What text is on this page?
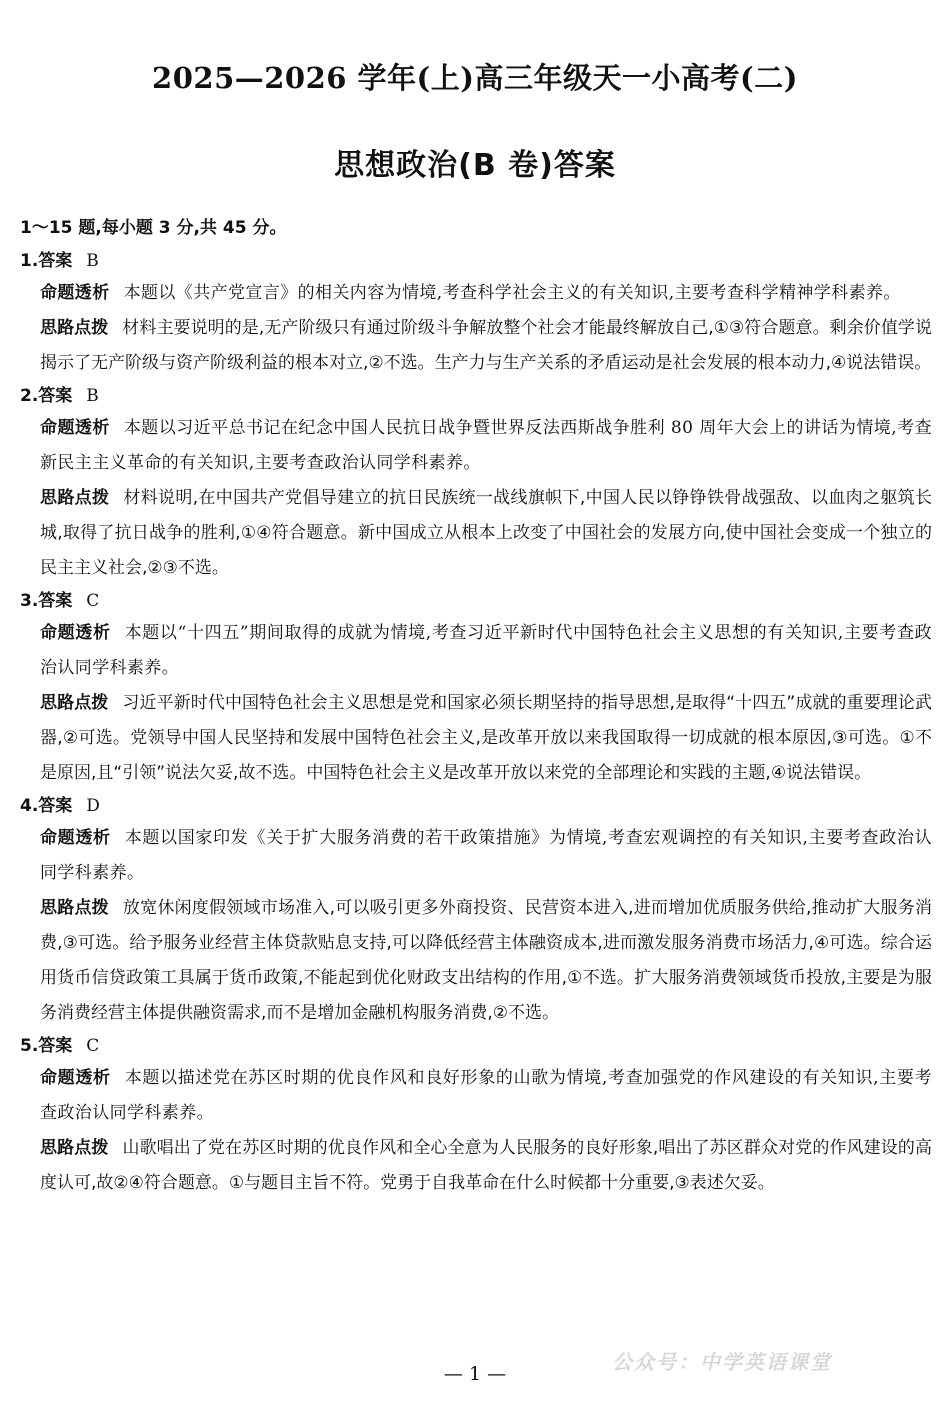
2025—2026 学年(上)高三年级天一小高考(二)
思想政治(B 卷)答案
1～15 题,每小题 3 分,共 45 分。
1.答案 B
命题透析 本题以《共产党宣言》的相关内容为情境,考查科学社会主义的有关知识,主要考查科学精神学科素养。
思路点拨 材料主要说明的是,无产阶级只有通过阶级斗争解放整个社会才能最终解放自己,①③符合题意。剩余价值学说揭示了无产阶级与资产阶级利益的根本对立,②不选。生产力与生产关系的矛盾运动是社会发展的根本动力,④说法错误。
2.答案 B
命题透析 本题以习近平总书记在纪念中国人民抗日战争暨世界反法西斯战争胜利 80 周年大会上的讲话为情境,考查新民主主义革命的有关知识,主要考查政治认同学科素养。
思路点拨 材料说明,在中国共产党倡导建立的抗日民族统一战线旗帜下,中国人民以铮铮铁骨战强敌、以血肉之躯筑长城,取得了抗日战争的胜利,①④符合题意。新中国成立从根本上改变了中国社会的发展方向,使中国社会变成一个独立的民主主义社会,②③不选。
3.答案 C
命题透析 本题以“十四五”期间取得的成就为情境,考查习近平新时代中国特色社会主义思想的有关知识,主要考查政治认同学科素养。
思路点拨 习近平新时代中国特色社会主义思想是党和国家必须长期坚持的指导思想,是取得“十四五”成就的重要理论武器,②可选。党领导中国人民坚持和发展中国特色社会主义,是改革开放以来我国取得一切成就的根本原因,③可选。①不是原因,且“引领”说法欠妥,故不选。中国特色社会主义是改革开放以来党的全部理论和实践的主题,④说法错误。
4.答案 D
命题透析 本题以国家印发《关于扩大服务消费的若干政策措施》为情境,考查宏观调控的有关知识,主要考查政治认同学科素养。
思路点拨 放宽休闲度假领域市场准入,可以吸引更多外商投资、民营资本进入,进而增加优质服务供给,推动扩大服务消费,③可选。给予服务业经营主体贷款贴息支持,可以降低经营主体融资成本,进而激发服务消费市场活力,④可选。综合运用货币信贷政策工具属于货币政策,不能起到优化财政支出结构的作用,①不选。扩大服务消费领域货币投放,主要是为服务消费经营主体提供融资需求,而不是增加金融机构服务消费,②不选。
5.答案 C
命题透析 本题以描述党在苏区时期的优良作风和良好形象的山歌为情境,考查加强党的作风建设的有关知识,主要考查政治认同学科素养。
思路点拨 山歌唱出了党在苏区时期的优良作风和全心全意为人民服务的良好形象,唱出了苏区群众对党的作风建设的高度认可,故②④符合题意。①与题目主旨不符。党勇于自我革命在什么时候都十分重要,③表述欠妥。
公众号：中学英语课堂
— 1 —
